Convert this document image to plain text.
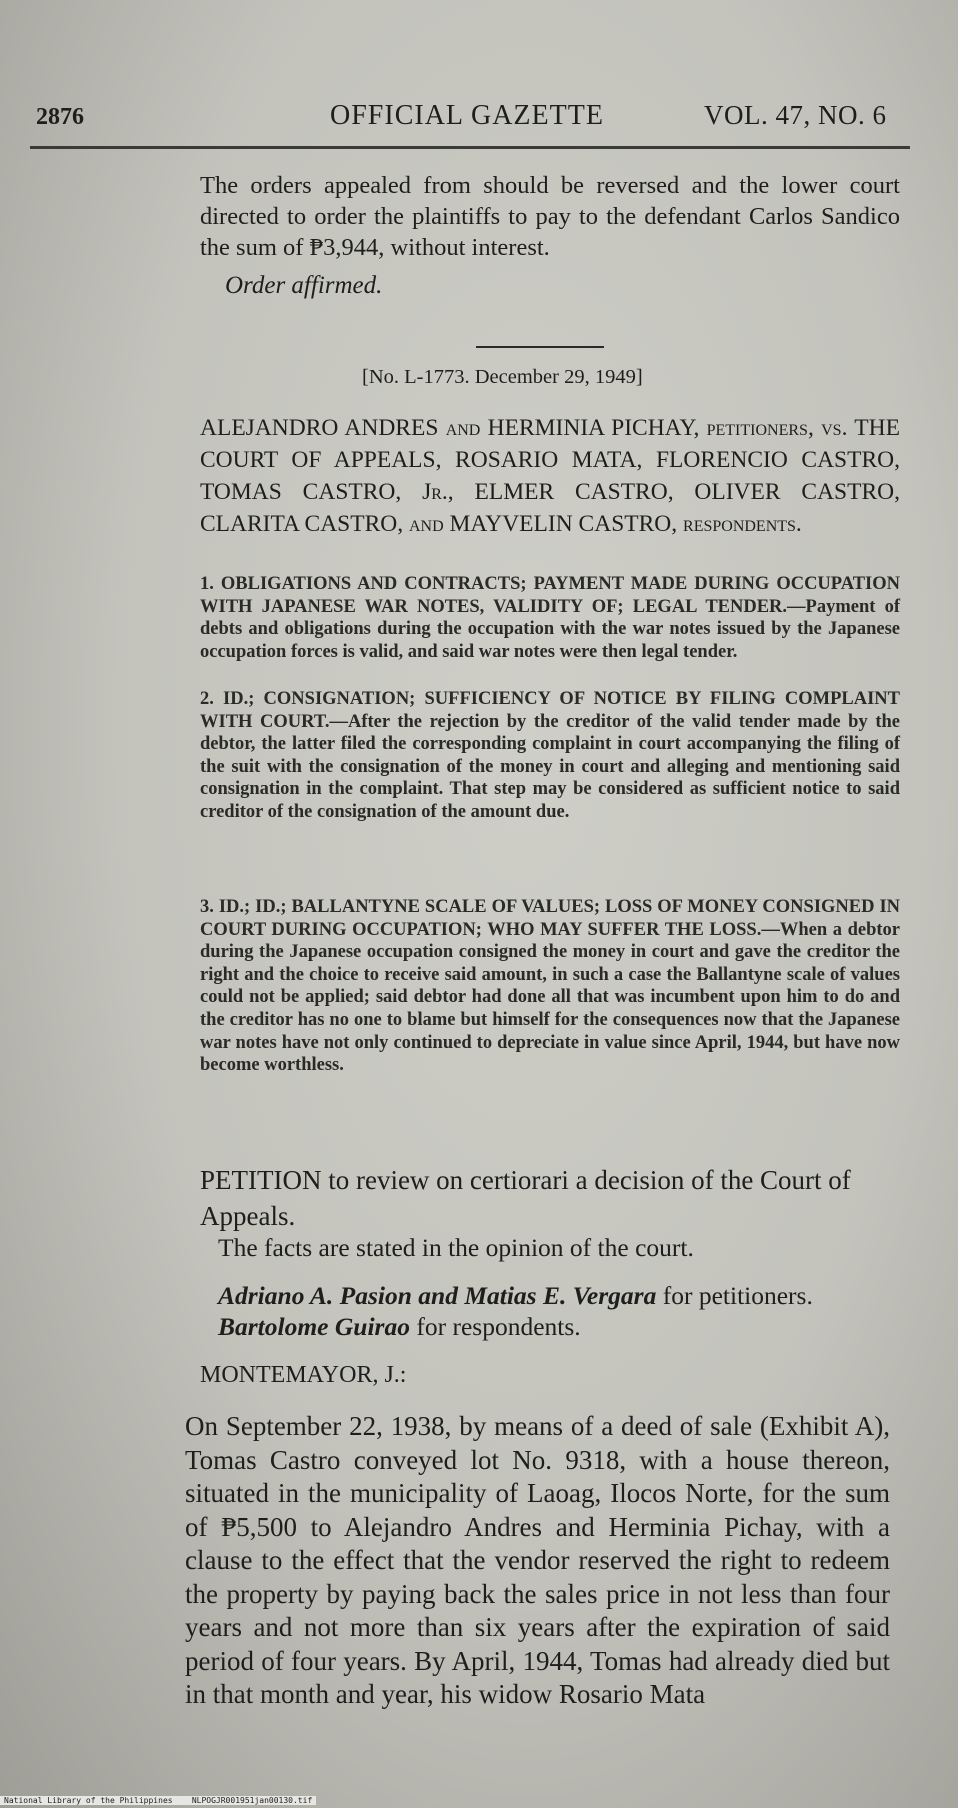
2876	OFFICIAL GAZETTE	VOL. 47, NO. 6
The orders appealed from should be reversed and the lower court directed to order the plaintiffs to pay to the defendant Carlos Sandico the sum of ₱3,944, without interest.
Order affirmed.
[No. L-1773. December 29, 1949]
ALEJANDRO ANDRES and HERMINIA PICHAY, petitioners, vs. THE COURT OF APPEALS, ROSARIO MATA, FLORENCIO CASTRO, TOMAS CASTRO, Jr., ELMER CASTRO, OLIVER CASTRO, CLARITA CASTRO, and MAYVELIN CASTRO, respondents.
1. OBLIGATIONS AND CONTRACTS; PAYMENT MADE DURING OCCUPATION WITH JAPANESE WAR NOTES, VALIDITY OF; LEGAL TENDER.—Payment of debts and obligations during the occupation with the war notes issued by the Japanese occupation forces is valid, and said war notes were then legal tender.
2. ID.; CONSIGNATION; SUFFICIENCY OF NOTICE BY FILING COMPLAINT WITH COURT.—After the rejection by the creditor of the valid tender made by the debtor, the latter filed the corresponding complaint in court accompanying the filing of the suit with the consignation of the money in court and alleging and mentioning said consignation in the complaint. That step may be considered as sufficient notice to said creditor of the consignation of the amount due.
3. ID.; ID.; BALLANTYNE SCALE OF VALUES; LOSS OF MONEY CONSIGNED IN COURT DURING OCCUPATION; WHO MAY SUFFER THE LOSS.—When a debtor during the Japanese occupation consigned the money in court and gave the creditor the right and the choice to receive said amount, in such a case the Ballantyne scale of values could not be applied; said debtor had done all that was incumbent upon him to do and the creditor has no one to blame but himself for the consequences now that the Japanese war notes have not only continued to depreciate in value since April, 1944, but have now become worthless.
PETITION to review on certiorari a decision of the Court of Appeals.
The facts are stated in the opinion of the court.
Adriano A. Pasion and Matias E. Vergara for petitioners.
Bartolome Guirao for respondents.
MONTEMAYOR, J.:
On September 22, 1938, by means of a deed of sale (Exhibit A), Tomas Castro conveyed lot No. 9318, with a house thereon, situated in the municipality of Laoag, Ilocos Norte, for the sum of ₱5,500 to Alejandro Andres and Herminia Pichay, with a clause to the effect that the vendor reserved the right to redeem the property by paying back the sales price in not less than four years and not more than six years after the expiration of said period of four years. By April, 1944, Tomas had already died but in that month and year, his widow Rosario Mata
National Library of the Philippines NLPOGJR001951jan00130.tif
